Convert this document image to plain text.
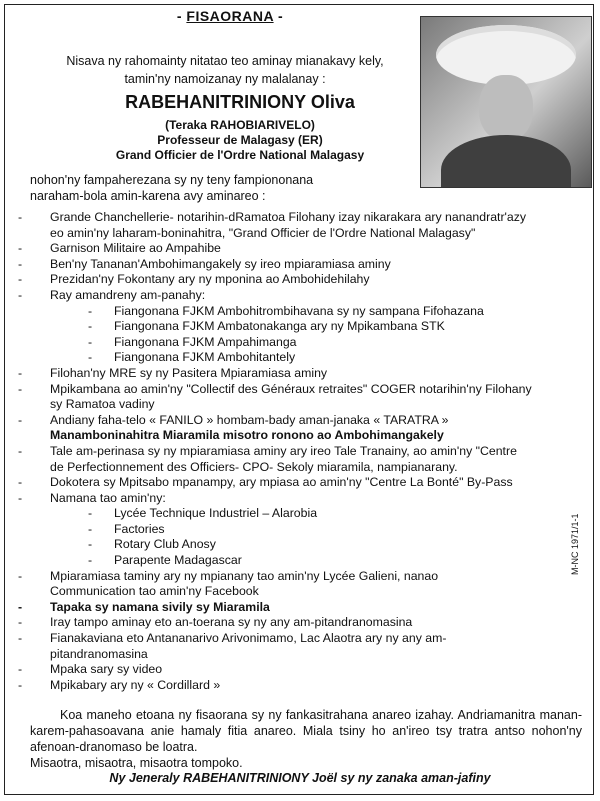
- FISAORANA -
Nisava ny rahomainty nitatao teo aminay mianakavy kely,
tamin'ny namoizanay ny malalanay :
RABEHANITRINIONY Oliva
(Teraka RAHOBIARIVELO)
Professeur de Malagasy (ER)
Grand Officier de l'Ordre National Malagasy
nohon'ny fampaherezana sy ny teny fampiononana
naraham-bola amin-karena avy aminareo :
- Grande Chanchellerie- notarihin-dRamatoa Filohany izay nikarakara ary nanandratr'azy
eo amin'ny laharam-boninahitra, "Grand Officier de l'Ordre National Malagasy"
- Garnison Militaire ao Ampahibe
- Ben'ny Tananan'Ambohimangakely sy ireo mpiaramiasa aminy
- Prezidan'ny Fokontany ary ny mponina ao Ambohidehilahy
- Ray amandreny am-panahy:
- Fiangonana FJKM Ambohitrombihavana sy ny sampana Fifohazana
- Fiangonana FJKM Ambatonakanga ary ny Mpikambana STK
- Fiangonana FJKM Ampahimanga
- Fiangonana FJKM Ambohitantely
- Filohan'ny MRE sy ny Pasitera Mpiaramiasa aminy
- Mpikambana ao amin'ny "Collectif des Généraux retraites" COGER notarihin'ny Filohany
sy Ramatoa vadiny
- Andiany faha-telo « FANILO » hombam-bady aman-janaka « TARATRA »
Manamboninahitra Miaramila misotro ronono ao Ambohimangakely
- Tale am-perinasa sy ny mpiaramiasa aminy ary ireo Tale Tranainy, ao amin'ny "Centre
de Perfectionnement des Officiers- CPO- Sekoly miaramila, nampianarany.
- Dokotera sy Mpitsabo mpanampy, ary mpiasa ao amin'ny "Centre La Bonté" By-Pass
- Namana tao amin'ny:
- Lycée Technique Industriel – Alarobia
- Factories
- Rotary Club Anosy
- Parapente Madagascar
- Mpiaramiasa taminy ary ny mpianany tao amin'ny Lycée Galieni, nanao
Communication tao amin'ny Facebook
- Tapaka sy namana sivily sy Miaramila
- Iray tampo aminay eto an-toerana sy ny any am-pitandranomasina
- Fianakaviana eto Antananarivo Arivonimamo, Lac Alaotra ary ny any am-
pitandranomasina
- Mpaka sary sy video
- Mpikabary ary ny « Cordillard »
Koa maneho etoana ny fisaorana sy ny fankasitrahana anareo izahay. Andriamanitra manan-karem-pahasoavana anie hamaly fitia anareo. Miala tsiny ho an'ireo tsy tratra antso nohon'ny afenoan-dranomaso be loatra.
Misaotra, misaotra, misaotra tompoko.
Ny Jeneraly RABEHANITRINIONY Joël sy ny zanaka aman-jafiny
M-NC 1971/1-1
